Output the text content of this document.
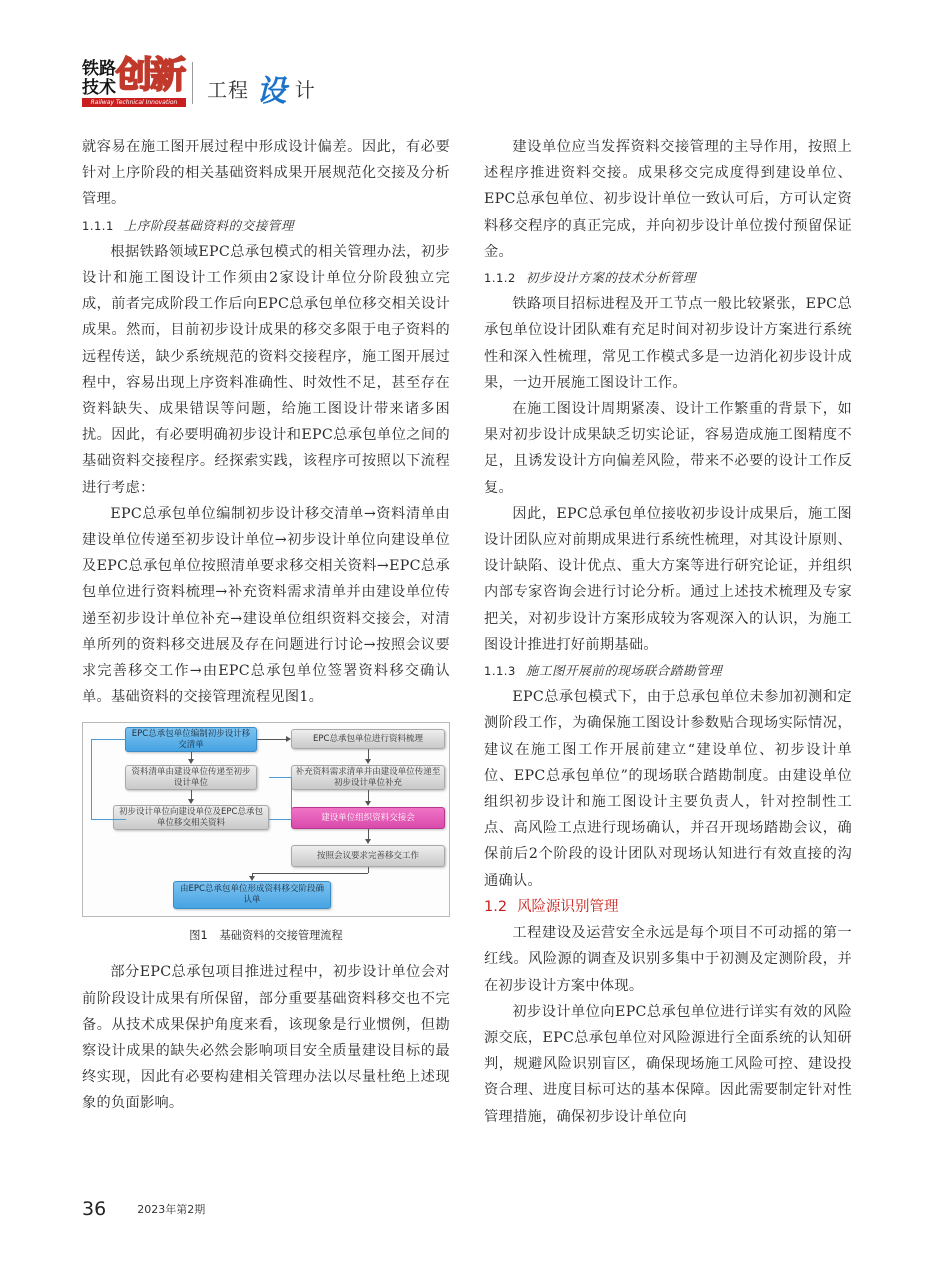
铁路
技术 创新
Railway Technical Innovation
工程 设 计

就容易在施工图开展过程中形成设计偏差。因此，有必要针对上序阶段的相关基础资料成果开展规范化交接及分析管理。

1.1.1 上序阶段基础资料的交接管理

根据铁路领域EPC总承包模式的相关管理办法，初步设计和施工图设计工作须由2家设计单位分阶段独立完成，前者完成阶段工作后向EPC总承包单位移交相关设计成果。然而，目前初步设计成果的移交多限于电子资料的远程传送，缺少系统规范的资料交接程序，施工图开展过程中，容易出现上序资料准确性、时效性不足，甚至存在资料缺失、成果错误等问题，给施工图设计带来诸多困扰。因此，有必要明确初步设计和EPC总承包单位之间的基础资料交接程序。经探索实践，该程序可按照以下流程进行考虑：

EPC总承包单位编制初步设计移交清单→资料清单由建设单位传递至初步设计单位→初步设计单位向建设单位及EPC总承包单位按照清单要求移交相关资料→EPC总承包单位进行资料梳理→补充资料需求清单并由建设单位传递至初步设计单位补充→建设单位组织资料交接会，对清单所列的资料移交进展及存在问题进行讨论→按照会议要求完善移交工作→由EPC总承包单位签署资料移交确认单。基础资料的交接管理流程见图1。

EPC总承包单位编制初步设计移交清单
资料清单由建设单位传递至初步设计单位
初步设计单位向建设单位及EPC总承包单位移交相关资料
EPC总承包单位进行资料梳理
补充资料需求清单并由建设单位传递至初步设计单位补充
建设单位组织资料交接会
按照会议要求完善移交工作
由EPC总承包单位形成资料移交阶段确认单

图1 基础资料的交接管理流程

部分EPC总承包项目推进过程中，初步设计单位会对前阶段设计成果有所保留，部分重要基础资料移交也不完备。从技术成果保护角度来看，该现象是行业惯例，但勘察设计成果的缺失必然会影响项目安全质量建设目标的最终实现，因此有必要构建相关管理办法以尽量杜绝上述现象的负面影响。

建设单位应当发挥资料交接管理的主导作用，按照上述程序推进资料交接。成果移交完成度得到建设单位、EPC总承包单位、初步设计单位一致认可后，方可认定资料移交程序的真正完成，并向初步设计单位拨付预留保证金。

1.1.2 初步设计方案的技术分析管理

铁路项目招标进程及开工节点一般比较紧张，EPC总承包单位设计团队难有充足时间对初步设计方案进行系统性和深入性梳理，常见工作模式多是一边消化初步设计成果，一边开展施工图设计工作。

在施工图设计周期紧凑、设计工作繁重的背景下，如果对初步设计成果缺乏切实论证，容易造成施工图精度不足，且诱发设计方向偏差风险，带来不必要的设计工作反复。

因此，EPC总承包单位接收初步设计成果后，施工图设计团队应对前期成果进行系统性梳理，对其设计原则、设计缺陷、设计优点、重大方案等进行研究论证，并组织内部专家咨询会进行讨论分析。通过上述技术梳理及专家把关，对初步设计方案形成较为客观深入的认识，为施工图设计推进打好前期基础。

1.1.3 施工图开展前的现场联合踏勘管理

EPC总承包模式下，由于总承包单位未参加初测和定测阶段工作，为确保施工图设计参数贴合现场实际情况，建议在施工图工作开展前建立“建设单位、初步设计单位、EPC总承包单位”的现场联合踏勘制度。由建设单位组织初步设计和施工图设计主要负责人，针对控制性工点、高风险工点进行现场确认，并召开现场踏勘会议，确保前后2个阶段的设计团队对现场认知进行有效直接的沟通确认。

1.2 风险源识别管理

工程建设及运营安全永远是每个项目不可动摇的第一红线。风险源的调查及识别多集中于初测及定测阶段，并在初步设计方案中体现。

初步设计单位向EPC总承包单位进行详实有效的风险源交底，EPC总承包单位对风险源进行全面系统的认知研判，规避风险识别盲区，确保现场施工风险可控、建设投资合理、进度目标可达的基本保障。因此需要制定针对性管理措施，确保初步设计单位向

36	2023年第2期
